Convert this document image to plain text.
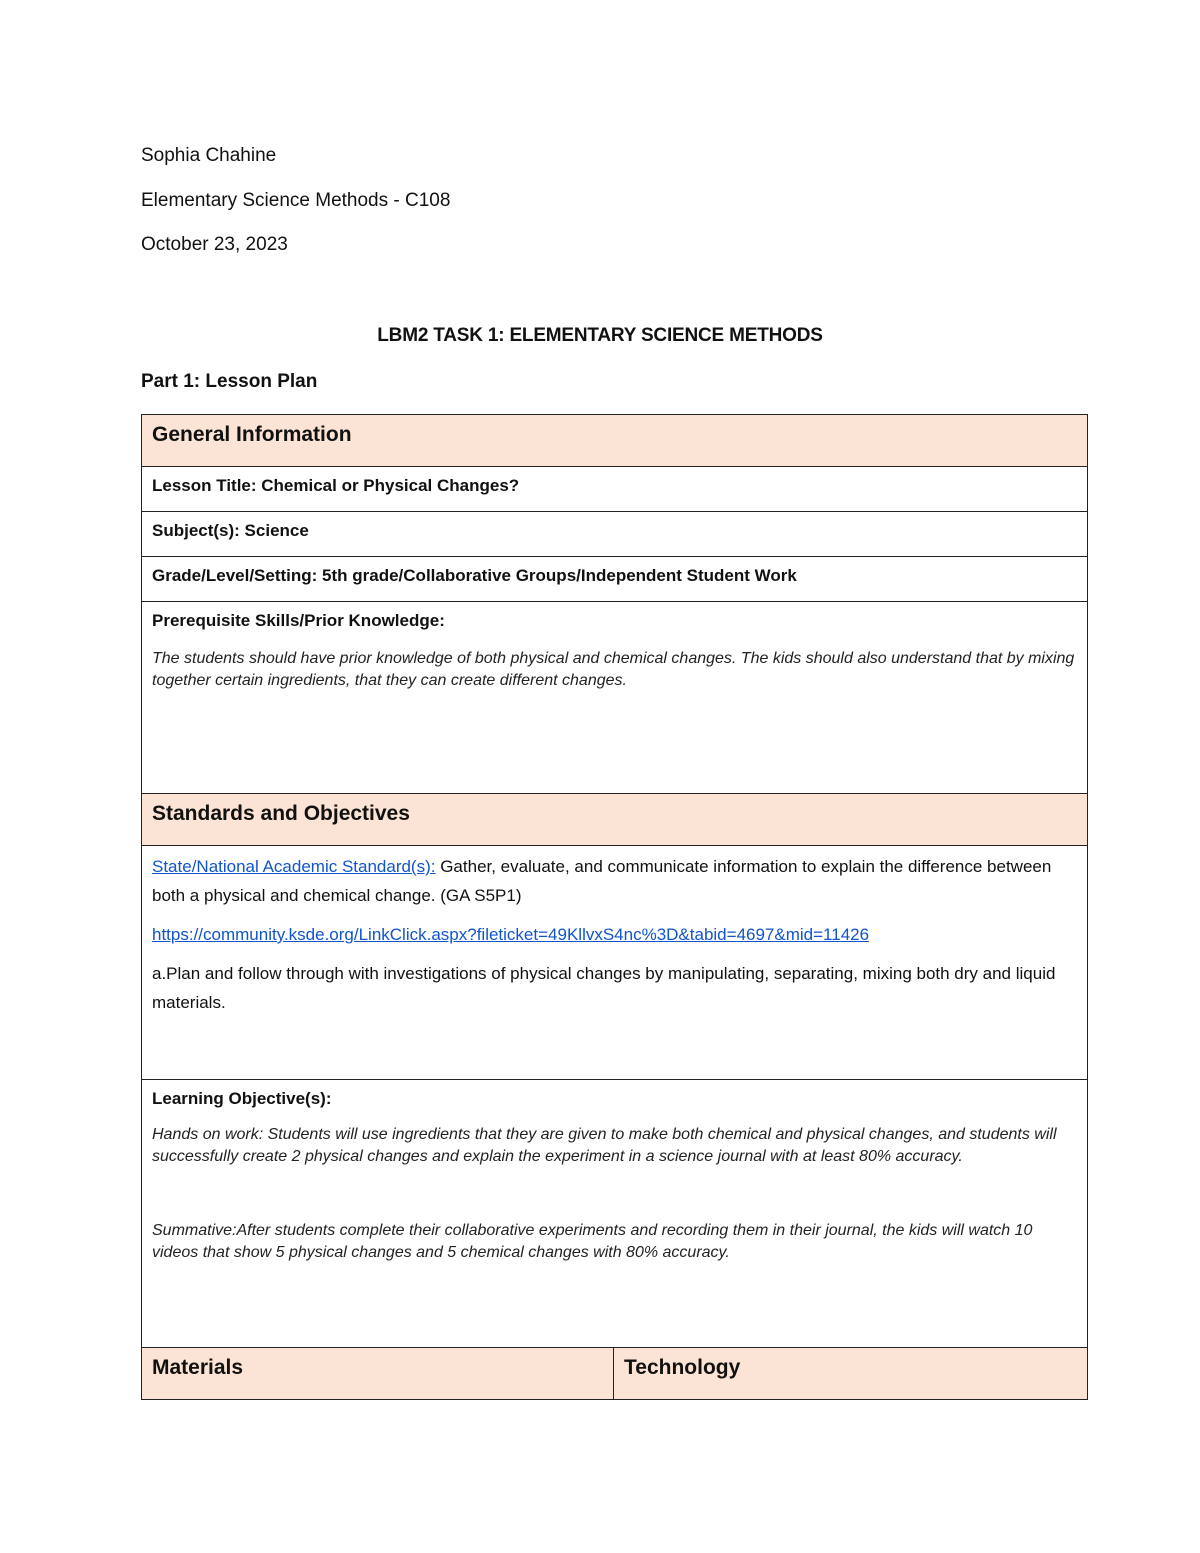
Sophia Chahine
Elementary Science Methods - C108
October 23, 2023
LBM2 TASK 1: ELEMENTARY SCIENCE METHODS
Part 1: Lesson Plan
General Information
Lesson Title: Chemical or Physical Changes?
Subject(s): Science
Grade/Level/Setting: 5th grade/Collaborative Groups/Independent Student Work

Prerequisite Skills/Prior Knowledge:
The students should have prior knowledge of both physical and chemical changes. The kids should also understand that by mixing together certain ingredients, that they can create different changes.

Standards and Objectives

State/National Academic Standard(s): Gather, evaluate, and communicate information to explain the difference between both a physical and chemical change. (GA S5P1)
https://community.ksde.org/LinkClick.aspx?fileticket=49KllvxS4nc%3D&tabid=4697&mid=11426
a.Plan and follow through with investigations of physical changes by manipulating, separating, mixing both dry and liquid materials.

Learning Objective(s):
Hands on work: Students will use ingredients that they are given to make both chemical and physical changes, and students will successfully create 2 physical changes and explain the experiment in a science journal with at least 80% accuracy.
Summative:After students complete their collaborative experiments and recording them in their journal, the kids will watch 10 videos that show 5 physical changes and 5 chemical changes with 80% accuracy.

Materials	Technology
